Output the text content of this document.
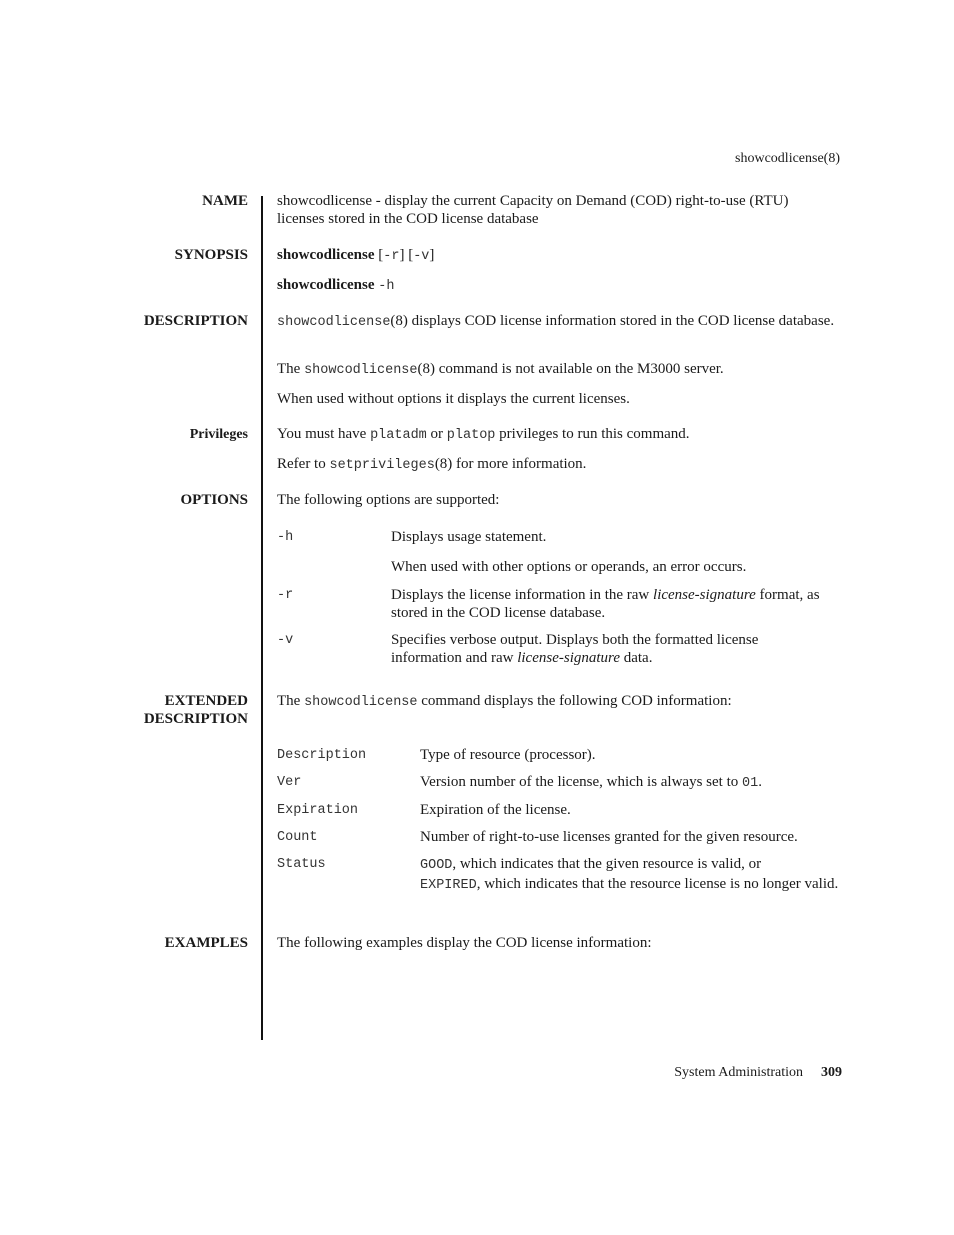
showcodlicense(8)
NAME showcodlicense - display the current Capacity on Demand (COD) right-to-use (RTU) licenses stored in the COD license database
SYNOPSIS showcodlicense [-r] [-v]
showcodlicense -h
DESCRIPTION showcodlicense(8) displays COD license information stored in the COD license database.
The showcodlicense(8) command is not available on the M3000 server.
When used without options it displays the current licenses.
Privileges You must have platadm or platop privileges to run this command.
Refer to setprivileges(8) for more information.
OPTIONS The following options are supported:
-h	Displays usage statement.
When used with other options or operands, an error occurs.
-r	Displays the license information in the raw license-signature format, as stored in the COD license database.
-v	Specifies verbose output. Displays both the formatted license information and raw license-signature data.
EXTENDED
DESCRIPTION
The showcodlicense command displays the following COD information:
Description	Type of resource (processor).
Ver	Version number of the license, which is always set to 01.
Expiration	Expiration of the license.
Count	Number of right-to-use licenses granted for the given resource.
Status	GOOD, which indicates that the given resource is valid, or
EXPIRED, which indicates that the resource license is no longer valid.
EXAMPLES The following examples display the COD license information:
System Administration 309
